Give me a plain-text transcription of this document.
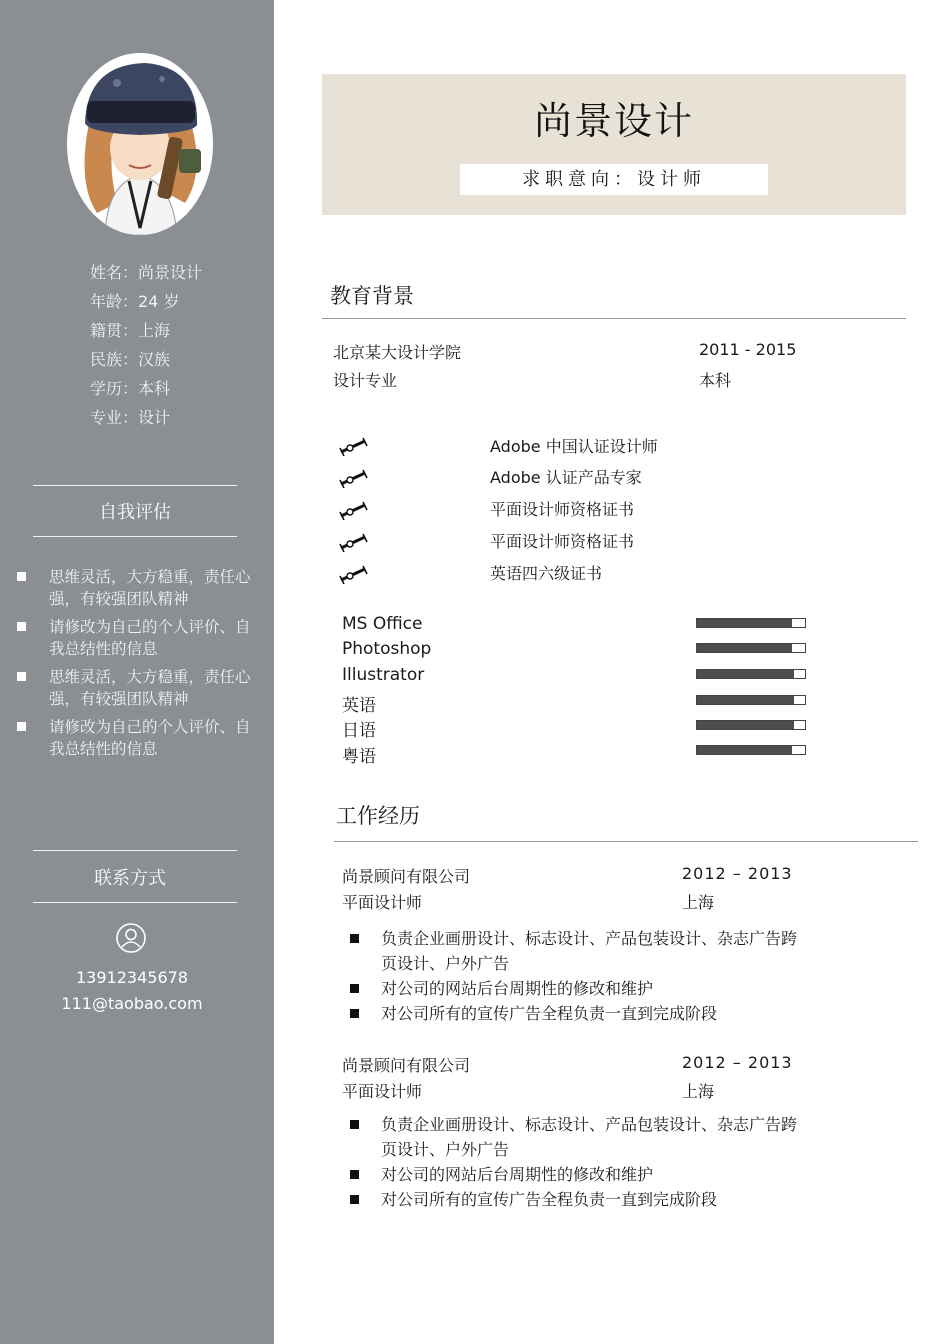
姓名：尚景设计
年龄：24 岁
籍贯：上海
民族：汉族
学历：本科
专业：设计
自我评估
思维灵活，大方稳重，责任心强，有较强团队精神
请修改为自己的个人评价、自我总结性的信息
思维灵活，大方稳重，责任心强，有较强团队精神
请修改为自己的个人评价、自我总结性的信息
联系方式
13912345678
111@taobao.com
尚景设计
求职意向：设计师
教育背景
北京某大设计学院	2011 - 2015
设计专业	本科
Adobe 中国认证设计师
Adobe 认证产品专家
平面设计师资格证书
平面设计师资格证书
英语四六级证书
MS Office
Photoshop
Illustrator
英语
日语
粤语
工作经历
尚景顾问有限公司	2012 – 2013
平面设计师	上海
负责企业画册设计、标志设计、产品包装设计、杂志广告跨页设计、户外广告
对公司的网站后台周期性的修改和维护
对公司所有的宣传广告全程负责一直到完成阶段
尚景顾问有限公司	2012 – 2013
平面设计师	上海
负责企业画册设计、标志设计、产品包装设计、杂志广告跨页设计、户外广告
对公司的网站后台周期性的修改和维护
对公司所有的宣传广告全程负责一直到完成阶段
